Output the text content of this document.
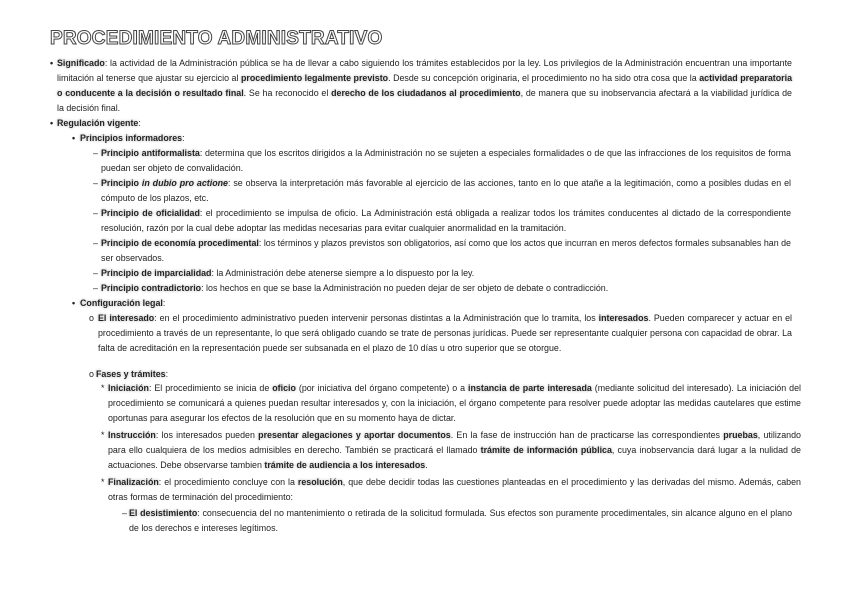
PROCEDIMIENTO ADMINISTRATIVO
• Significado: la actividad de la Administración pública se ha de llevar a cabo siguiendo los trámites establecidos por la ley. Los privilegios de la Administración encuentran una importante limitación al tenerse que ajustar su ejercicio al procedimiento legalmente previsto. Desde su concepción originaria, el procedimiento no ha sido otra cosa que la actividad preparatoria o conducente a la decisión o resultado final. Se ha reconocido el derecho de los ciudadanos al procedimiento, de manera que su inobservancia afectará a la viabilidad jurídica de la decisión final.
• Regulación vigente:
• Principios informadores:
– Principio antiformalista: determina que los escritos dirigidos a la Administración no se sujeten a especiales formalidades o de que las infracciones de los requisitos de forma puedan ser objeto de convalidación.
– Principio in dubio pro actione: se observa la interpretación más favorable al ejercicio de las acciones, tanto en lo que atañe a la legitimación, como a posibles dudas en el cómputo de los plazos, etc.
– Principio de oficialidad: el procedimiento se impulsa de oficio. La Administración está obligada a realizar todos los trámites conducentes al dictado de la correspondiente resolución, razón por la cual debe adoptar las medidas necesarias para evitar cualquier anormalidad en la tramitación.
– Principio de economía procedimental: los términos y plazos previstos son obligatorios, así como que los actos que incurran en meros defectos formales subsanables han de ser observados.
– Principio de imparcialidad: la Administración debe atenerse siempre a lo dispuesto por la ley.
– Principio contradictorio: los hechos en que se base la Administración no pueden dejar de ser objeto de debate o contradicción.
• Configuración legal:
o El interesado: en el procedimiento administrativo pueden intervenir personas distintas a la Administración que lo tramita, los interesados. Pueden comparecer y actuar en el procedimiento a través de un representante, lo que será obligado cuando se trate de personas jurídicas. Puede ser representante cualquier persona con capacidad de obrar. La falta de acreditación en la representación puede ser subsanada en el plazo de 10 días u otro superior que se otorgue.
o Fases y trámites:
* Iniciación: El procedimiento se inicia de oficio (por iniciativa del órgano competente) o a instancia de parte interesada (mediante solicitud del interesado). La iniciación del procedimiento se comunicará a quienes puedan resultar interesados y, con la iniciación, el órgano competente para resolver puede adoptar las medidas cautelares que estime oportunas para asegurar los efectos de la resolución que en su momento haya de dictar.
* Instrucción: los interesados pueden presentar alegaciones y aportar documentos. En la fase de instrucción han de practicarse las correspondientes pruebas, utilizando para ello cualquiera de los medios admisibles en derecho. También se practicará el llamado trámite de información pública, cuya inobservancia dará lugar a la nulidad de actuaciones. Debe observarse tambien trámite de audiencia a los interesados.
* Finalización: el procedimiento concluye con la resolución, que debe decidir todas las cuestiones planteadas en el procedimiento y las derivadas del mismo. Además, caben otras formas de terminación del procedimiento:
– El desistimiento: consecuencia del no mantenimiento o retirada de la solicitud formulada. Sus efectos son puramente procedimentales, sin alcance alguno en el plano de los derechos e intereses legítimos.
